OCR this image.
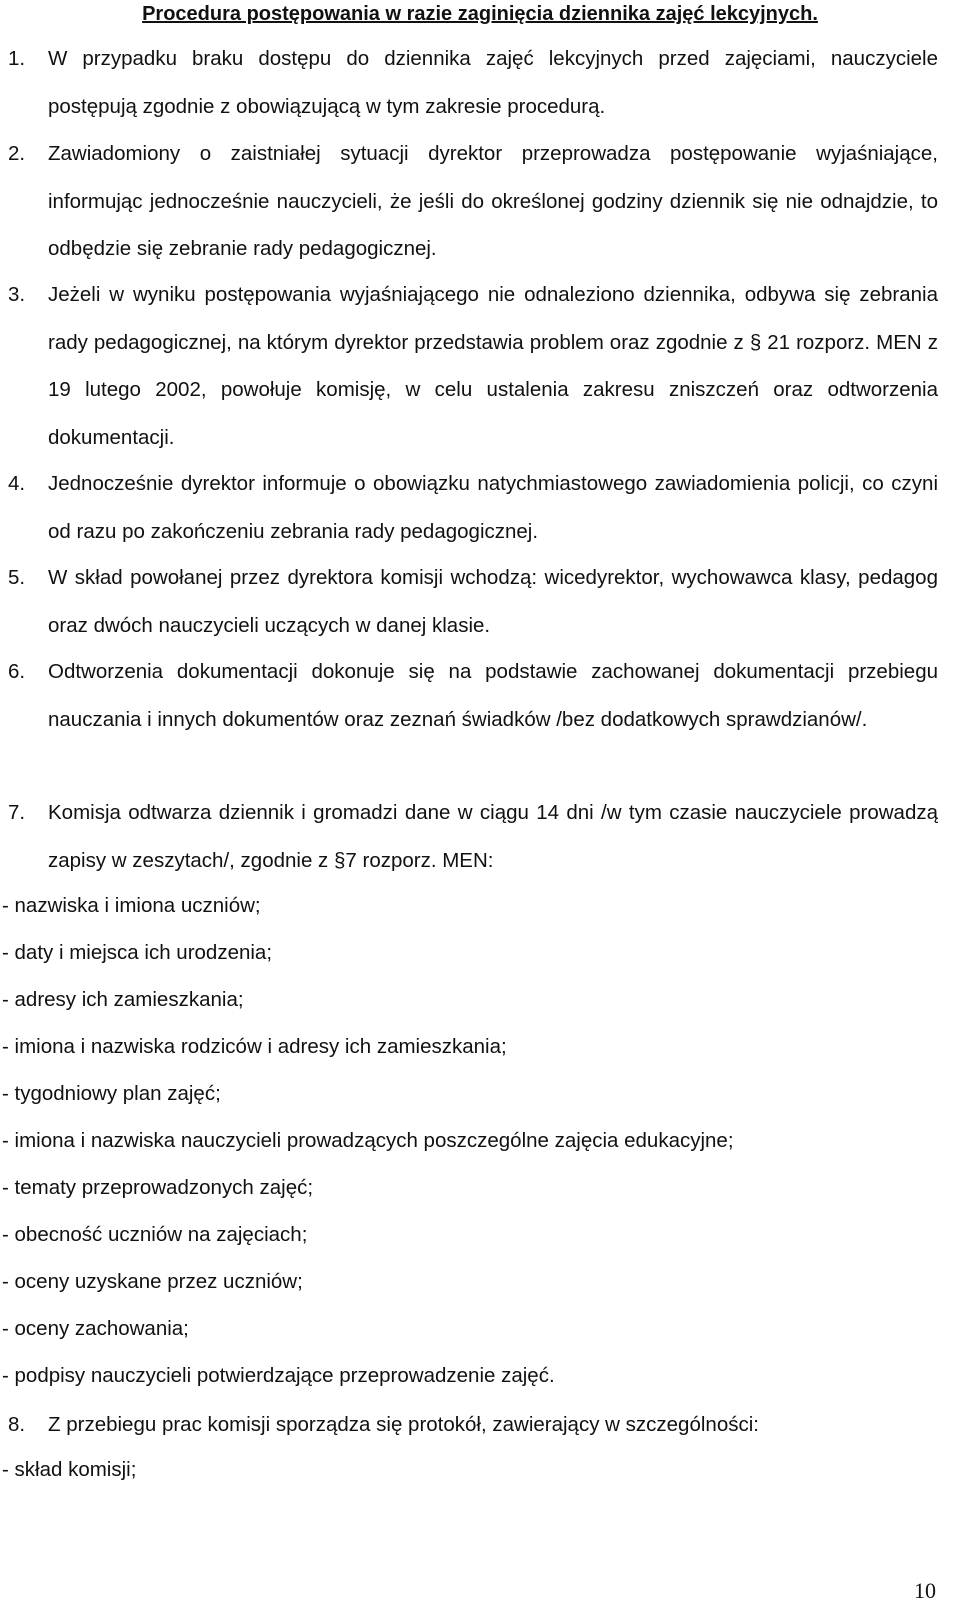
Procedura postępowania w razie zaginięcia dziennika zajęć lekcyjnych.
1. W przypadku braku dostępu do dziennika zajęć lekcyjnych przed zajęciami, nauczyciele postępują zgodnie z obowiązującą w tym zakresie procedurą.
2. Zawiadomiony o zaistniałej sytuacji dyrektor przeprowadza postępowanie wyjaśniające, informując jednocześnie nauczycieli, że jeśli do określonej godziny dziennik się nie odnajdzie, to odbędzie się zebranie rady pedagogicznej.
3. Jeżeli w wyniku postępowania wyjaśniającego nie odnaleziono dziennika, odbywa się zebrania rady pedagogicznej, na którym dyrektor przedstawia problem oraz zgodnie z § 21 rozporz. MEN z 19 lutego 2002, powołuje komisję, w celu ustalenia zakresu zniszczeń oraz odtworzenia dokumentacji.
4. Jednocześnie dyrektor informuje o obowiązku natychmiastowego zawiadomienia policji, co czyni od razu po zakończeniu zebrania rady pedagogicznej.
5. W skład powołanej przez dyrektora komisji wchodzą: wicedyrektor, wychowawca klasy, pedagog oraz dwóch nauczycieli uczących w danej klasie.
6. Odtworzenia dokumentacji dokonuje się na podstawie zachowanej dokumentacji przebiegu nauczania i innych dokumentów oraz zeznań świadków /bez dodatkowych sprawdzianów/.
7. Komisja odtwarza dziennik i gromadzi dane w ciągu 14 dni /w tym czasie nauczyciele prowadzą zapisy w zeszytach/, zgodnie z §7 rozporz. MEN:
- nazwiska i imiona uczniów;
- daty i miejsca ich urodzenia;
- adresy ich zamieszkania;
- imiona i nazwiska rodziców i adresy ich zamieszkania;
- tygodniowy plan zajęć;
- imiona i nazwiska nauczycieli prowadzących poszczególne zajęcia edukacyjne;
- tematy przeprowadzonych zajęć;
- obecność uczniów na zajęciach;
- oceny uzyskane przez uczniów;
- oceny zachowania;
- podpisy nauczycieli potwierdzające przeprowadzenie zajęć.
8. Z przebiegu prac komisji sporządza się protokół, zawierający w szczególności:
- skład komisji;
10
